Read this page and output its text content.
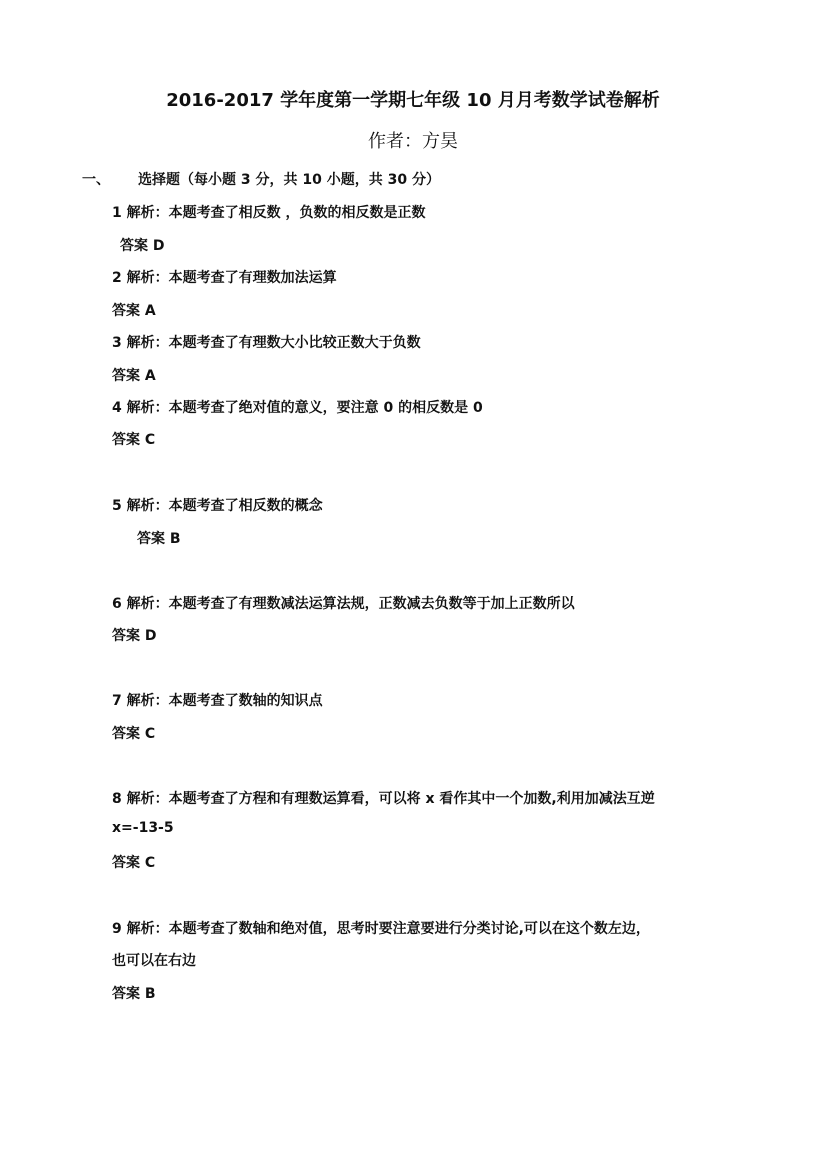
2016-2017 学年度第一学期七年级 10 月月考数学试卷解析
作者：方昊
一、 选择题（每小题 3 分，共 10 小题，共 30 分）
1 解析：本题考查了相反数 ，负数的相反数是正数
答案 D
2 解析：本题考查了有理数加法运算
答案 A
3 解析：本题考查了有理数大小比较正数大于负数
答案 A
4 解析：本题考查了绝对值的意义，要注意 0 的相反数是 0
答案 C
5 解析：本题考查了相反数的概念
答案 B
6 解析：本题考查了有理数减法运算法规，正数减去负数等于加上正数所以
答案 D
7 解析：本题考查了数轴的知识点
答案 C
8 解析：本题考查了方程和有理数运算看，可以将 x 看作其中一个加数,利用加减法互逆
x=-13-5
答案 C
9 解析：本题考查了数轴和绝对值，思考时要注意要进行分类讨论,可以在这个数左边，
也可以在右边
答案 B
